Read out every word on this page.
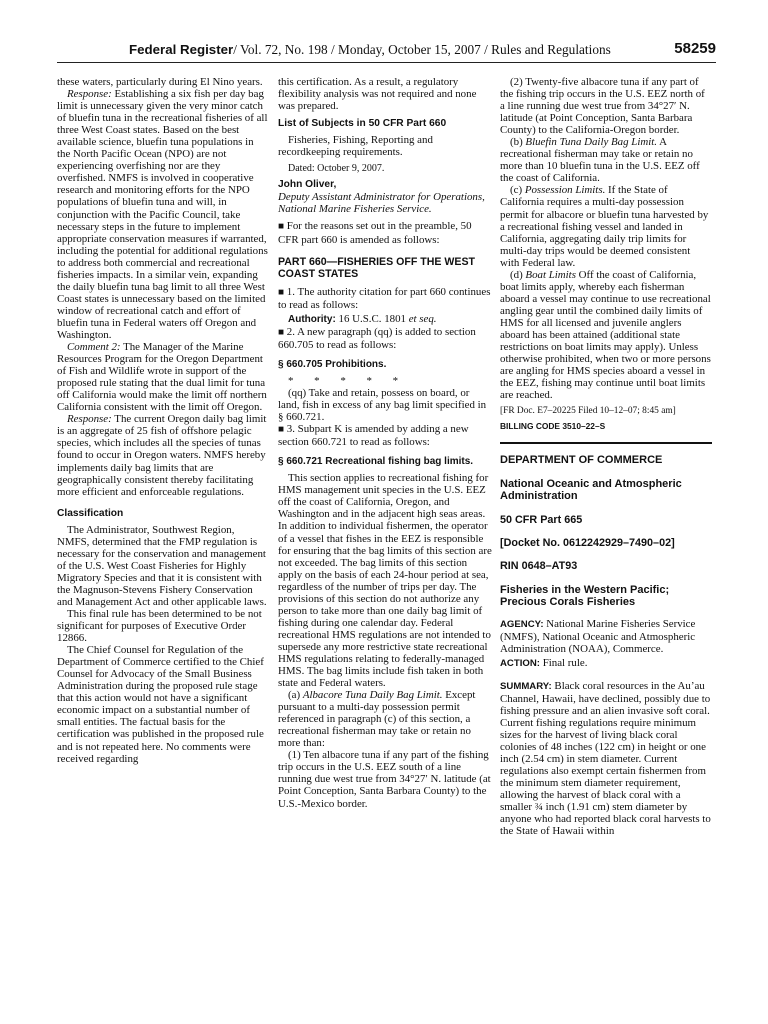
Federal Register/ Vol. 72, No. 198 / Monday, October 15, 2007 / Rules and Regulations	58259

these waters, particularly during El Nino years.

Response: Establishing a six fish per day bag limit is unnecessary given the very minor catch of bluefin tuna in the recreational fisheries of all three West Coast states. Based on the best available science, bluefin tuna populations in the North Pacific Ocean (NPO) are not experiencing overfishing nor are they overfished. NMFS is involved in cooperative research and monitoring efforts for the NPO populations of bluefin tuna and will, in conjunction with the Pacific Council, take necessary steps in the future to implement appropriate conservation measures if warranted, including the potential for additional regulations to address both commercial and recreational fisheries impacts. In a similar vein, expanding the daily bluefin tuna bag limit to all three West Coast states is unnecessary based on the limited window of recreational catch and effort of bluefin tuna in Federal waters off Oregon and Washington.

Comment 2: The Manager of the Marine Resources Program for the Oregon Department of Fish and Wildlife wrote in support of the proposed rule stating that the dual limit for tuna off California would make the limit off northern California consistent with the limit off Oregon.

Response: The current Oregon daily bag limit is an aggregate of 25 fish of offshore pelagic species, which includes all the species of tunas found to occur in Oregon waters. NMFS hereby implements daily bag limits that are geographically consistent thereby facilitating more efficient and enforceable regulations.

Classification

The Administrator, Southwest Region, NMFS, determined that the FMP regulation is necessary for the conservation and management of the U.S. West Coast Fisheries for Highly Migratory Species and that it is consistent with the Magnuson-Stevens Fishery Conservation and Management Act and other applicable laws.

This final rule has been determined to be not significant for purposes of Executive Order 12866.

The Chief Counsel for Regulation of the Department of Commerce certified to the Chief Counsel for Advocacy of the Small Business Administration during the proposed rule stage that this action would not have a significant economic impact on a substantial number of small entities. The factual basis for the certification was published in the proposed rule and is not repeated here. No comments were received regarding

this certification. As a result, a regulatory flexibility analysis was not required and none was prepared.

List of Subjects in 50 CFR Part 660

Fisheries, Fishing, Reporting and recordkeeping requirements.

Dated: October 9, 2007.

John Oliver,

Deputy Assistant Administrator for Operations, National Marine Fisheries Service.

■ For the reasons set out in the preamble, 50 CFR part 660 is amended as follows:

PART 660—FISHERIES OFF THE WEST COAST STATES

■ 1. The authority citation for part 660 continues to read as follows:

Authority: 16 U.S.C. 1801 et seq.

■ 2. A new paragraph (qq) is added to section 660.705 to read as follows:

§ 660.705 Prohibitions.

* * * * *

(qq) Take and retain, possess on board, or land, fish in excess of any bag limit specified in § 660.721.

■ 3. Subpart K is amended by adding a new section 660.721 to read as follows:

§ 660.721 Recreational fishing bag limits.

This section applies to recreational fishing for HMS management unit species in the U.S. EEZ off the coast of California, Oregon, and Washington and in the adjacent high seas areas. In addition to individual fishermen, the operator of a vessel that fishes in the EEZ is responsible for ensuring that the bag limits of this section are not exceeded. The bag limits of this section apply on the basis of each 24-hour period at sea, regardless of the number of trips per day. The provisions of this section do not authorize any person to take more than one daily bag limit of fishing during one calendar day. Federal recreational HMS regulations are not intended to supersede any more restrictive state recreational HMS regulations relating to federally-managed HMS. The bag limits include fish taken in both state and Federal waters.

(a) Albacore Tuna Daily Bag Limit. Except pursuant to a multi-day possession permit referenced in paragraph (c) of this section, a recreational fisherman may take or retain no more than:

(1) Ten albacore tuna if any part of the fishing trip occurs in the U.S. EEZ south of a line running due west true from 34°27′ N. latitude (at Point Conception, Santa Barbara County) to the U.S.-Mexico border.

(2) Twenty-five albacore tuna if any part of the fishing trip occurs in the U.S. EEZ north of a line running due west true from 34°27′ N. latitude (at Point Conception, Santa Barbara County) to the California-Oregon border.

(b) Bluefin Tuna Daily Bag Limit. A recreational fisherman may take or retain no more than 10 bluefin tuna in the U.S. EEZ off the coast of California.

(c) Possession Limits. If the State of California requires a multi-day possession permit for albacore or bluefin tuna harvested by a recreational fishing vessel and landed in California, aggregating daily trip limits for multi-day trips would be deemed consistent with Federal law.

(d) Boat Limits Off the coast of California, boat limits apply, whereby each fisherman aboard a vessel may continue to use recreational angling gear until the combined daily limits of HMS for all licensed and juvenile anglers aboard has been attained (additional state restrictions on boat limits may apply). Unless otherwise prohibited, when two or more persons are angling for HMS species aboard a vessel in the EEZ, fishing may continue until boat limits are reached.

[FR Doc. E7–20225 Filed 10–12–07; 8:45 am]

BILLING CODE 3510–22–S

DEPARTMENT OF COMMERCE

National Oceanic and Atmospheric Administration

50 CFR Part 665

[Docket No. 0612242929–7490–02]

RIN 0648–AT93

Fisheries in the Western Pacific; Precious Corals Fisheries

AGENCY: National Marine Fisheries Service (NMFS), National Oceanic and Atmospheric Administration (NOAA), Commerce.

ACTION: Final rule.

SUMMARY: Black coral resources in the Au’au Channel, Hawaii, have declined, possibly due to fishing pressure and an alien invasive soft coral. Current fishing regulations require minimum sizes for the harvest of living black coral colonies of 48 inches (122 cm) in height or one inch (2.54 cm) in stem diameter. Current regulations also exempt certain fishermen from the minimum stem diameter requirement, allowing the harvest of black coral with a smaller ¾ inch (1.91 cm) stem diameter by anyone who had reported black coral harvests to the State of Hawaii within
